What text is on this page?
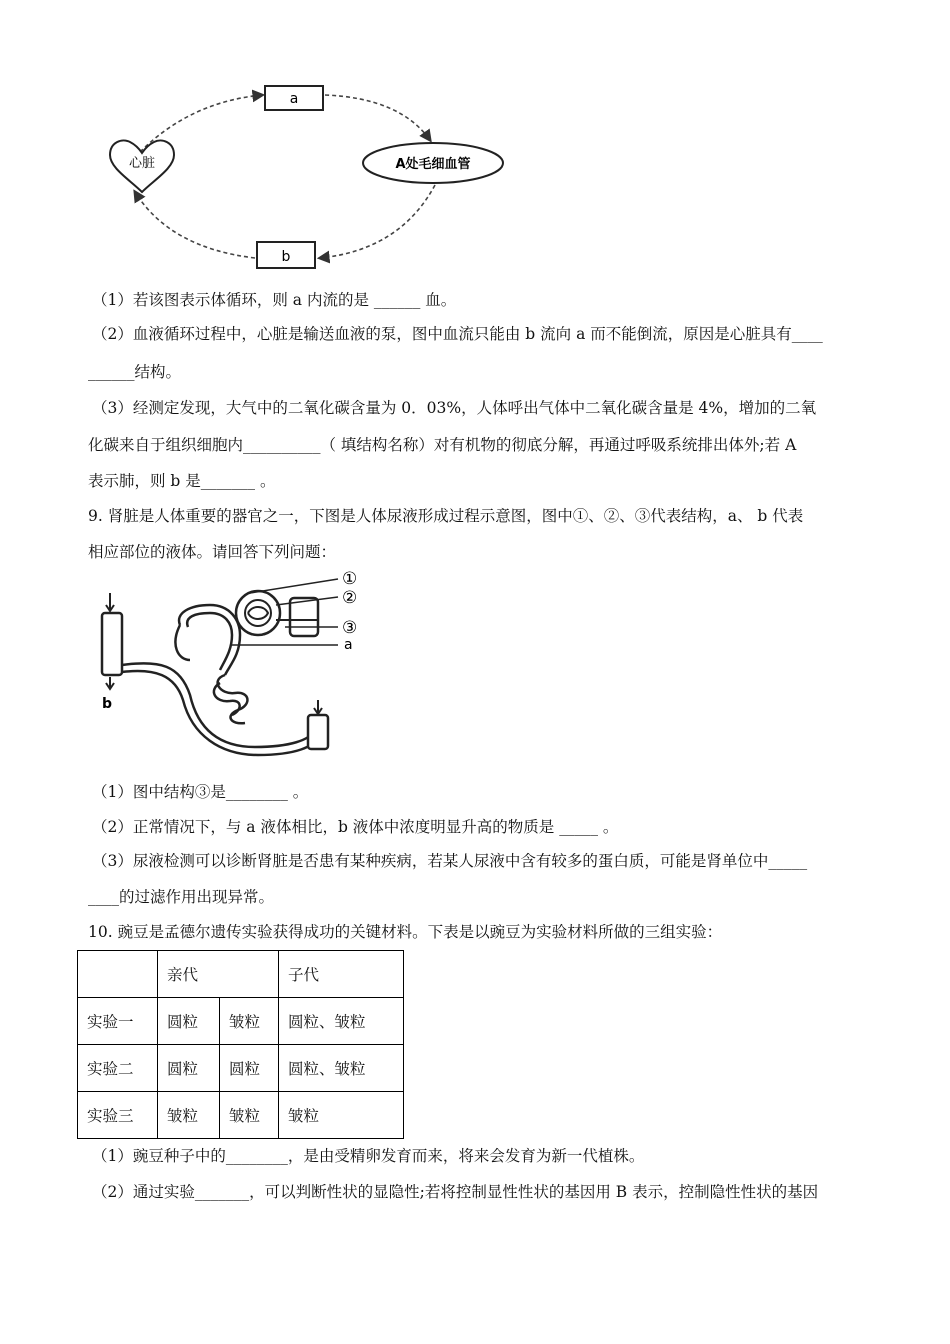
a
b
心脏	A处毛细血管
（1）若该图表示体循环，则 a 内流的是 ______ 血。
（2）血液循环过程中，心脏是输送血液的泵，图中血流只能由 b 流向 a 而不能倒流，原因是心脏具有____
______结构。
（3）经测定发现，大气中的二氧化碳含量为 0．03%，人体呼出气体中二氧化碳含量是 4%，增加的二氧
化碳来自于组织细胞内__________（ 填结构名称）对有机物的彻底分解，再通过呼吸系统排出体外;若 A
表示肺，则 b 是_______ 。
9. 肾脏是人体重要的器官之一，下图是人体尿液形成过程示意图，图中①、②、③代表结构，a、 b 代表
相应部位的液体。请回答下列问题：
b
①
②
③
a
（1）图中结构③是________ 。
（2）正常情况下，与 a 液体相比，b 液体中浓度明显升高的物质是 _____ 。
（3）尿液检测可以诊断肾脏是否患有某种疾病，若某人尿液中含有较多的蛋白质，可能是肾单位中_____
____的过滤作用出现异常。
10. 豌豆是孟德尔遗传实验获得成功的关键材料。下表是以豌豆为实验材料所做的三组实验：
	亲代		子代
实验一	圆粒	皱粒	圆粒、皱粒
实验二	圆粒	圆粒	圆粒、皱粒
实验三	皱粒	皱粒	皱粒
（1）豌豆种子中的________，是由受精卵发育而来，将来会发育为新一代植株。
（2）通过实验_______，可以判断性状的显隐性;若将控制显性性状的基因用 B 表示，控制隐性性状的基因
